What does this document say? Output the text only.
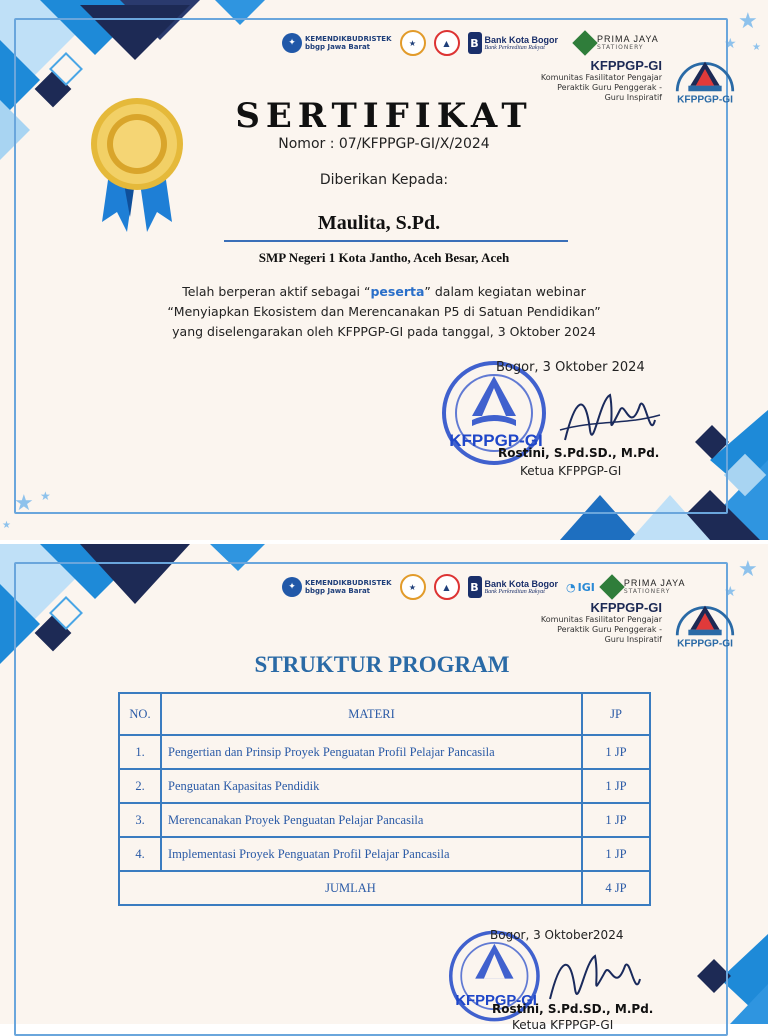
★
★ ★
★ ★
★
✦	KEMENDIKBUDRISTEK
bbgp Jawa Barat	★	▲	B Bank Kota Bogor
Bank Perkreditan Rakyat
PRIMA JAYA
STATIONERY
KFPPGP-GI
Komunitas Fasilitator Pengajar
Peraktik Guru Penggerak -
Guru Inspiratif KFPPGP-GI
SERTIFIKAT
Nomor : 07/KFPPGP-GI/X/2024
Diberikan Kepada:
Maulita, S.Pd.
SMP Negeri 1 Kota Jantho, Aceh Besar, Aceh
Telah berperan aktif sebagai “peserta” dalam kegiatan webinar
“Menyiapkan Ekosistem dan Merencanakan P5 di Satuan Pendidikan”
yang diselengarakan oleh KFPPGP-GI pada tanggal, 3 Oktober 2024
KFPPGP-GI
Bogor, 3 Oktober 2024
Rostini, S.Pd.SD., M.Pd.
Ketua KFPPGP-GI
★
★
✦	KEMENDIKBUDRISTEK
bbgp Jawa Barat	★	▲	B Bank Kota Bogor
Bank Perkreditan Rakyat	◔ IGI	PRIMA JAYA
STATIONERY
KFPPGP-GI
Komunitas Fasilitator Pengajar
Peraktik Guru Penggerak -
Guru Inspiratif KFPPGP-GI
STRUKTUR PROGRAM
NO.	MATERI	JP
1.	Pengertian dan Prinsip Proyek Penguatan Profil Pelajar Pancasila	1 JP
2.	Penguatan Kapasitas Pendidik	1 JP
3.	Merencanakan Proyek Penguatan Pelajar Pancasila	1 JP
4.	Implementasi Proyek Penguatan Profil Pelajar Pancasila	1 JP
JUMLAH		4 JP
KFPPGP-GI
Bogor, 3 Oktober2024
Rostini, S.Pd.SD., M.Pd.
Ketua KFPPGP-GI
